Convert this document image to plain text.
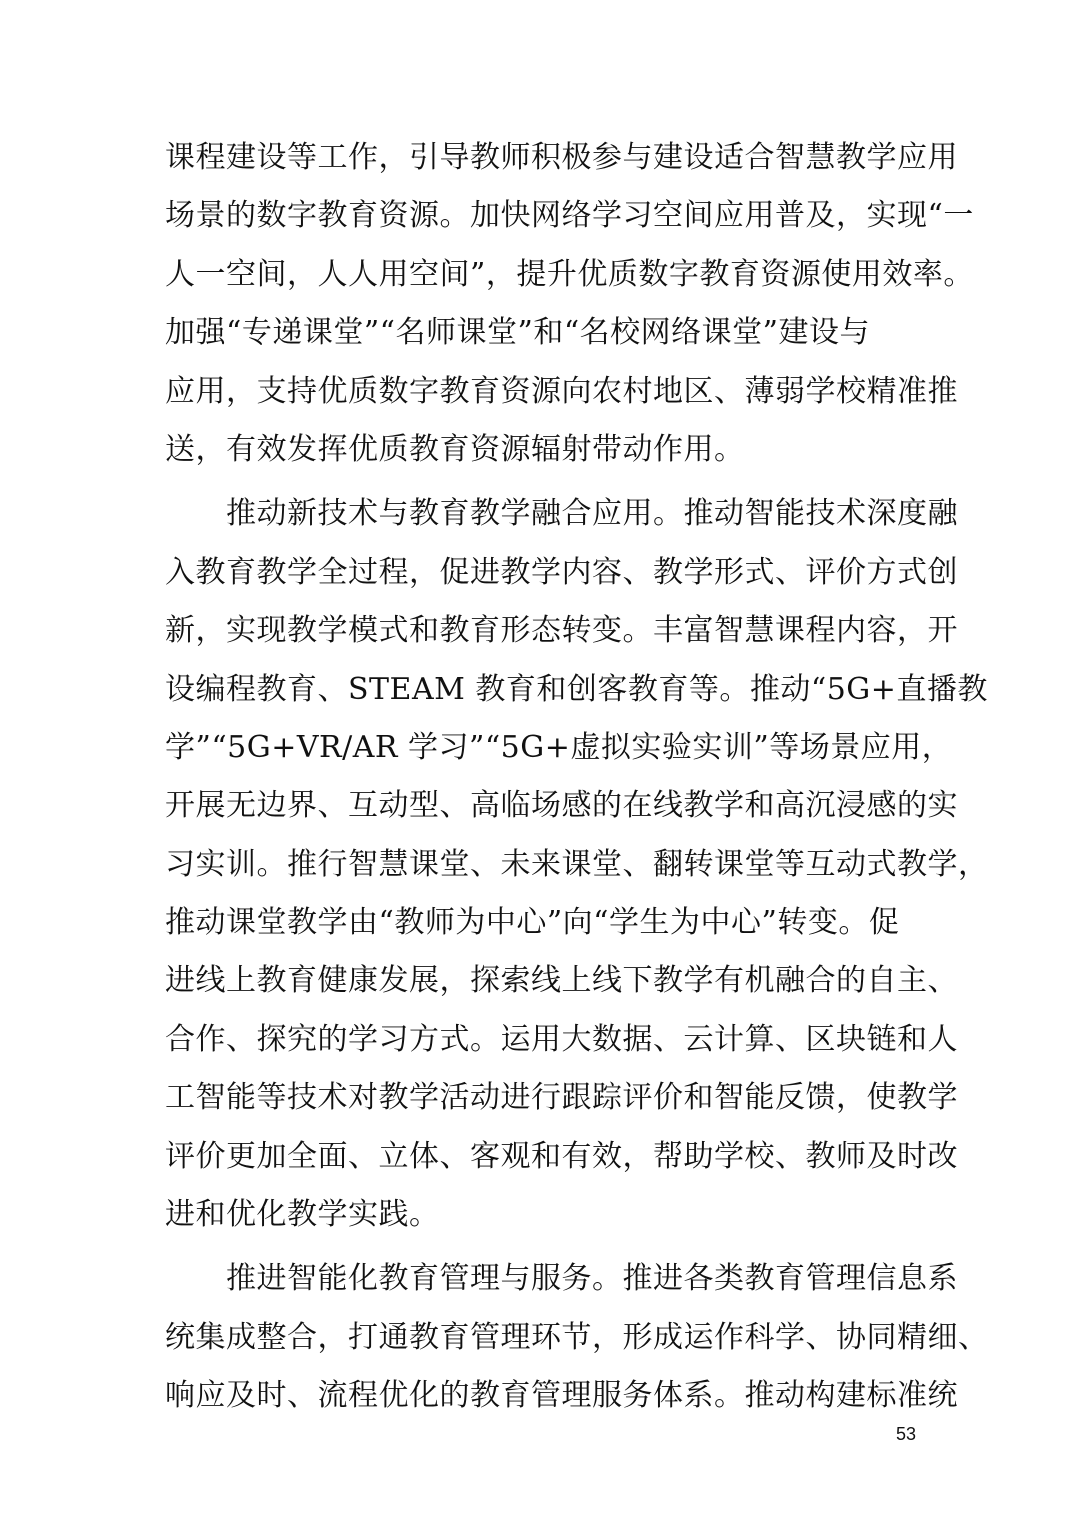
课程建设等工作，引导教师积极参与建设适合智慧教学应用
场景的数字教育资源。加快网络学习空间应用普及，实现“一
人一空间，人人用空间”，提升优质数字教育资源使用效率。
加强“专递课堂”“名师课堂”和“名校网络课堂”建设与
应用，支持优质数字教育资源向农村地区、薄弱学校精准推
送，有效发挥优质教育资源辐射带动作用。
　　推动新技术与教育教学融合应用。推动智能技术深度融
入教育教学全过程，促进教学内容、教学形式、评价方式创
新，实现教学模式和教育形态转变。丰富智慧课程内容，开
设编程教育、STEAM 教育和创客教育等。推动“5G+直播教
学”“5G+VR/AR 学习”“5G+虚拟实验实训”等场景应用，
开展无边界、互动型、高临场感的在线教学和高沉浸感的实
习实训。推行智慧课堂、未来课堂、翻转课堂等互动式教学，
推动课堂教学由“教师为中心”向“学生为中心”转变。促
进线上教育健康发展，探索线上线下教学有机融合的自主、
合作、探究的学习方式。运用大数据、云计算、区块链和人
工智能等技术对教学活动进行跟踪评价和智能反馈，使教学
评价更加全面、立体、客观和有效，帮助学校、教师及时改
进和优化教学实践。
　　推进智能化教育管理与服务。推进各类教育管理信息系
统集成整合，打通教育管理环节，形成运作科学、协同精细、
响应及时、流程优化的教育管理服务体系。推动构建标准统
53
